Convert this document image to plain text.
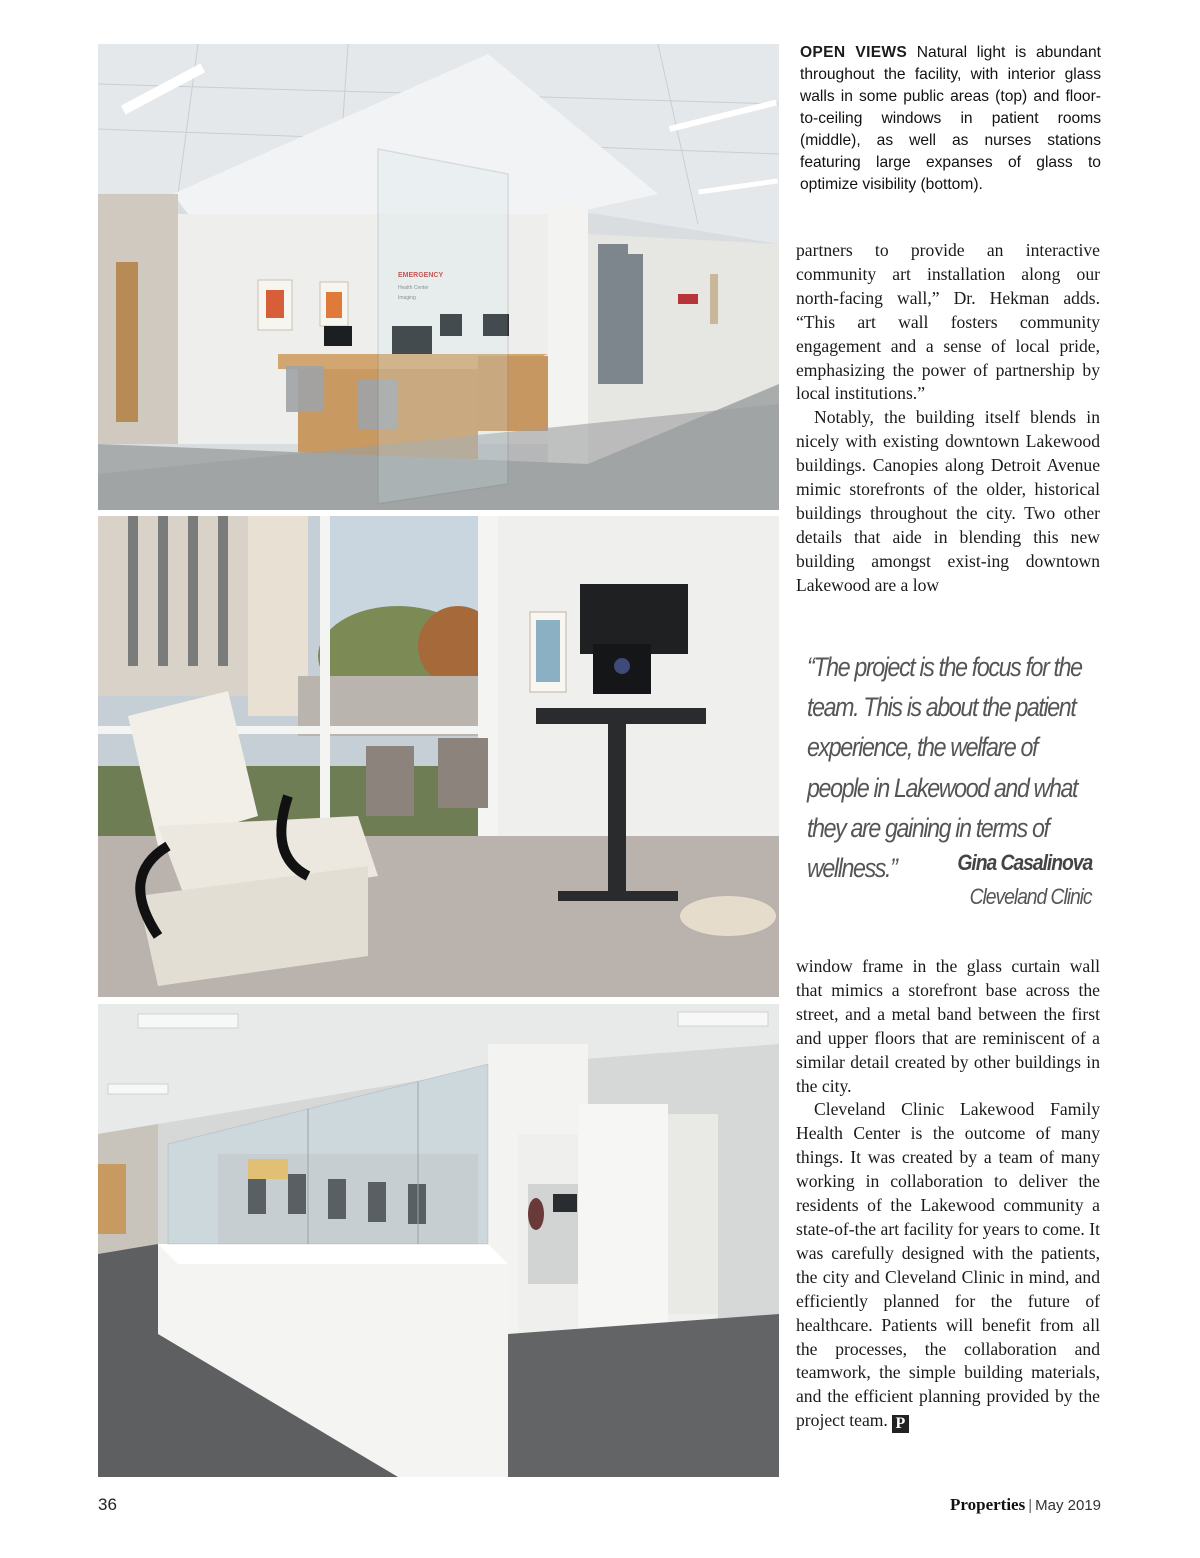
EMERGENCY
Health Center
Imaging
OPEN VIEWS Natural light is abundant throughout the facility, with interior glass walls in some public areas (top) and floor-to-ceiling windows in patient rooms (middle), as well as nurses stations featuring large expanses of glass to optimize visibility (bottom).

partners to provide an interactive community art installation along our north-facing wall,” Dr. Hekman adds. “This art wall fosters community engagement and a sense of local pride, emphasizing the power of partnership by local institutions.”

Notably, the building itself blends in nicely with existing downtown Lakewood buildings. Canopies along Detroit Avenue mimic storefronts of the older, historical buildings throughout the city. Two other details that aide in blending this new building amongst exist-ing downtown Lakewood are a low

“The project is the focus for the team. This is about the patient experience, the welfare of people in Lakewood and what they are gaining in terms of wellness.”	Gina Casalinova
Cleveland Clinic

window frame in the glass curtain wall that mimics a storefront base across the street, and a metal band between the first and upper floors that are reminiscent of a similar detail created by other buildings in the city.

Cleveland Clinic Lakewood Family Health Center is the outcome of many things. It was created by a team of many working in collaboration to deliver the residents of the Lakewood community a state-of-the art facility for years to come. It was carefully designed with the patients, the city and Cleveland Clinic in mind, and efficiently planned for the future of healthcare. Patients will benefit from all the processes, the collaboration and teamwork, the simple building materials, and the efficient planning provided by the project team. P

36	Properties | May 2019
